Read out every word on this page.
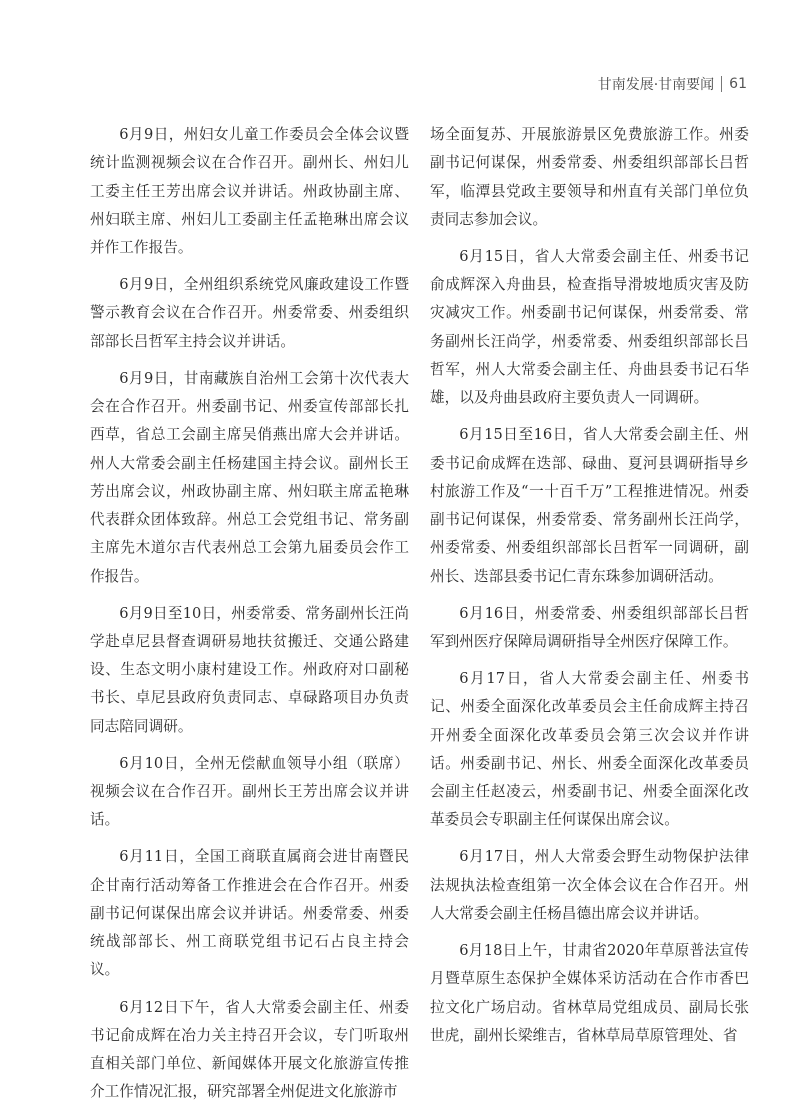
甘南发展·甘南要闻 61

6月9日，州妇女儿童工作委员会全体会议暨统计监测视频会议在合作召开。副州长、州妇儿工委主任王芳出席会议并讲话。州政协副主席、州妇联主席、州妇儿工委副主任孟艳琳出席会议并作工作报告。

6月9日，全州组织系统党风廉政建设工作暨警示教育会议在合作召开。州委常委、州委组织部部长吕哲军主持会议并讲话。

6月9日，甘南藏族自治州工会第十次代表大会在合作召开。州委副书记、州委宣传部部长扎西草，省总工会副主席吴俏燕出席大会并讲话。州人大常委会副主任杨建国主持会议。副州长王芳出席会议，州政协副主席、州妇联主席孟艳琳代表群众团体致辞。州总工会党组书记、常务副主席先木道尔吉代表州总工会第九届委员会作工作报告。

6月9日至10日，州委常委、常务副州长汪尚学赴卓尼县督查调研易地扶贫搬迁、交通公路建设、生态文明小康村建设工作。州政府对口副秘书长、卓尼县政府负责同志、卓碌路项目办负责同志陪同调研。

6月10日，全州无偿献血领导小组（联席）视频会议在合作召开。副州长王芳出席会议并讲话。

6月11日，全国工商联直属商会进甘南暨民企甘南行活动筹备工作推进会在合作召开。州委副书记何谋保出席会议并讲话。州委常委、州委统战部部长、州工商联党组书记石占良主持会议。

6月12日下午，省人大常委会副主任、州委书记俞成辉在冶力关主持召开会议，专门听取州直相关部门单位、新闻媒体开展文化旅游宣传推介工作情况汇报，研究部署全州促进文化旅游市

场全面复苏、开展旅游景区免费旅游工作。州委副书记何谋保，州委常委、州委组织部部长吕哲军，临潭县党政主要领导和州直有关部门单位负责同志参加会议。

6月15日，省人大常委会副主任、州委书记俞成辉深入舟曲县，检查指导滑坡地质灾害及防灾减灾工作。州委副书记何谋保，州委常委、常务副州长汪尚学，州委常委、州委组织部部长吕哲军，州人大常委会副主任、舟曲县委书记石华雄，以及舟曲县政府主要负责人一同调研。

6月15日至16日，省人大常委会副主任、州委书记俞成辉在迭部、碌曲、夏河县调研指导乡村旅游工作及“一十百千万”工程推进情况。州委副书记何谋保，州委常委、常务副州长汪尚学，州委常委、州委组织部部长吕哲军一同调研，副州长、迭部县委书记仁青东珠参加调研活动。

6月16日，州委常委、州委组织部部长吕哲军到州医疗保障局调研指导全州医疗保障工作。

6月17日，省人大常委会副主任、州委书记、州委全面深化改革委员会主任俞成辉主持召开州委全面深化改革委员会第三次会议并作讲话。州委副书记、州长、州委全面深化改革委员会副主任赵凌云，州委副书记、州委全面深化改革委员会专职副主任何谋保出席会议。

6月17日，州人大常委会野生动物保护法律法规执法检查组第一次全体会议在合作召开。州人大常委会副主任杨昌德出席会议并讲话。

6月18日上午，甘肃省2020年草原普法宣传月暨草原生态保护全媒体采访活动在合作市香巴拉文化广场启动。省林草局党组成员、副局长张世虎，副州长梁维吉，省林草局草原管理处、省
